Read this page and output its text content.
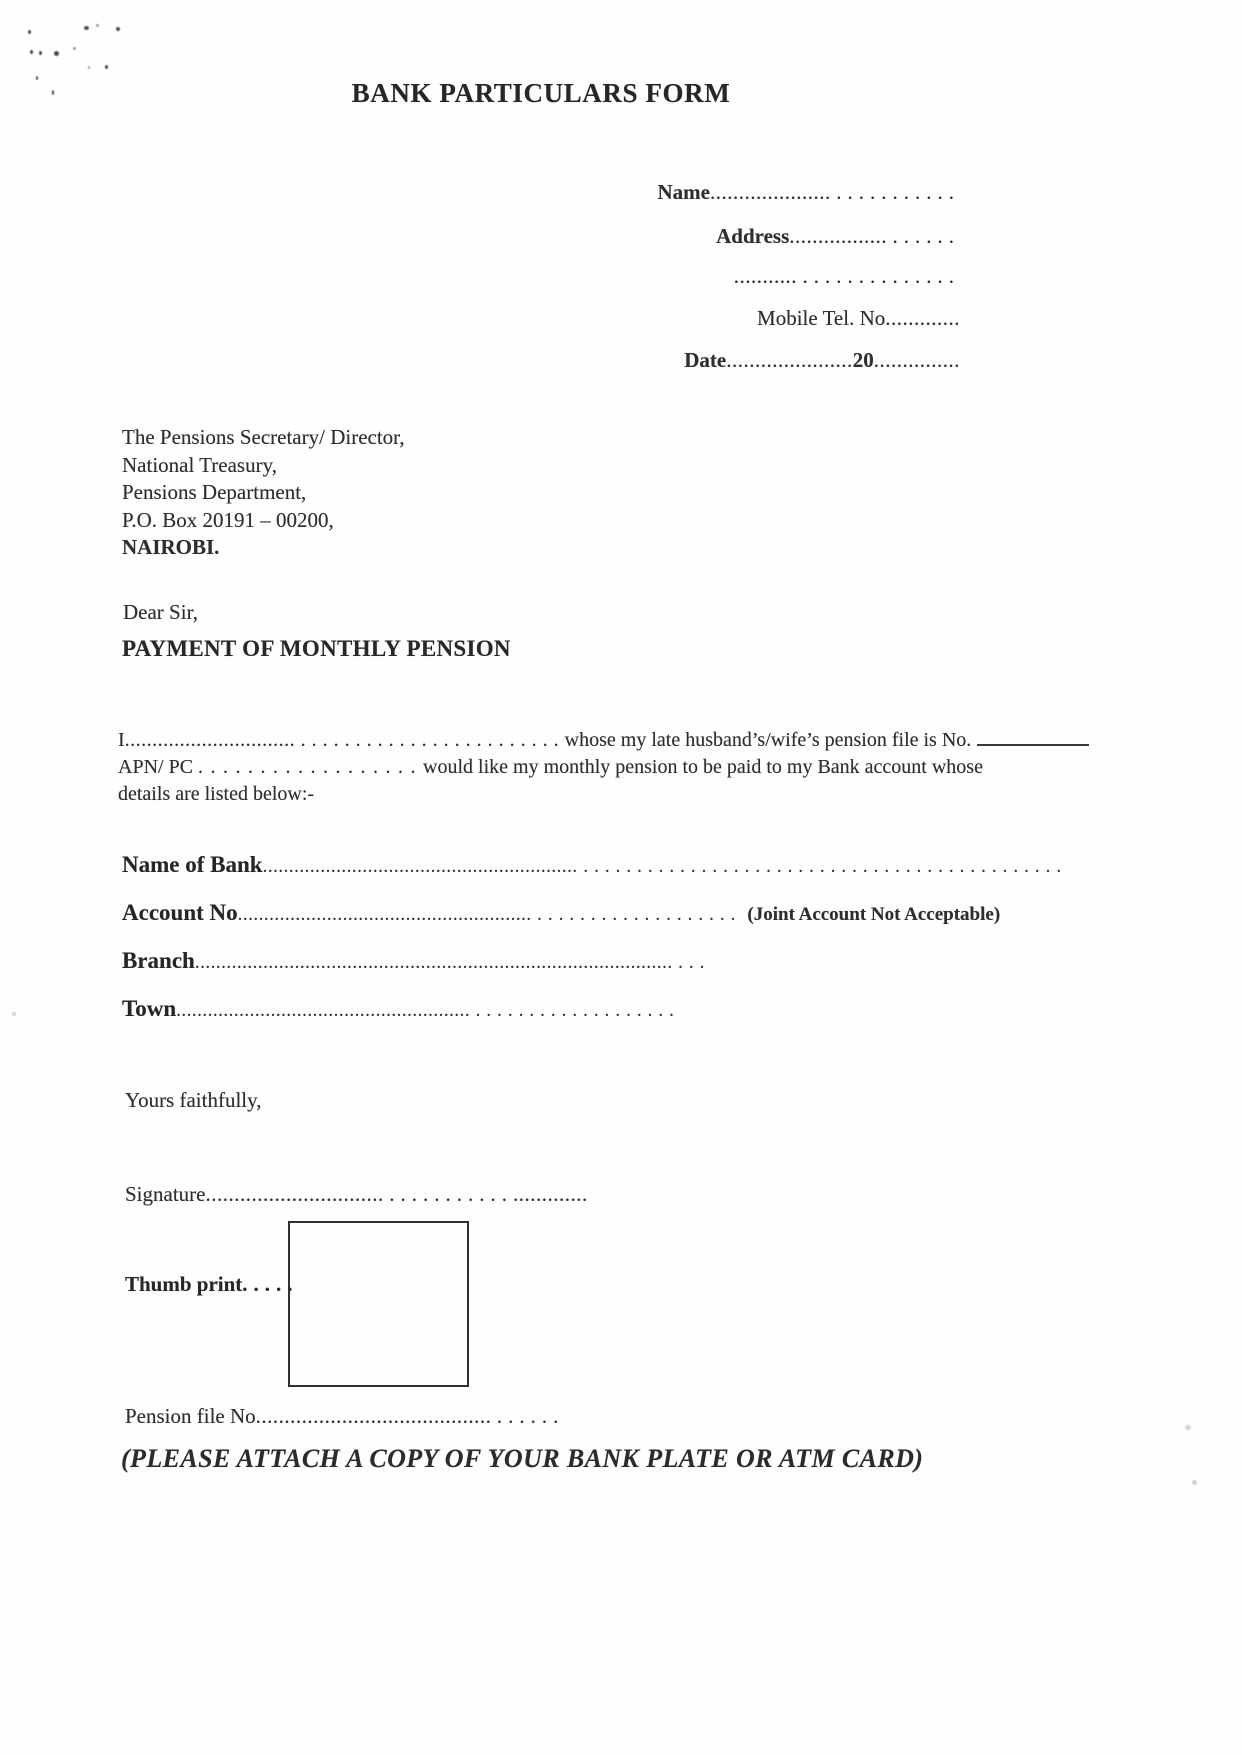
BANK PARTICULARS FORM
Name................................
Address.......................
.........................
Mobile Tel. No.............
Date......................20...............
The Pensions Secretary/ Director,
National Treasury,
Pensions Department,
P.O. Box 20191 – 00200,
NAIROBI.
Dear Sir,
PAYMENT OF MONTHLY PENSION
I.......................................................whose my late husband’s/wife’s pension file is No.
APN/ PC ..................would like my monthly pension to be paid to my Bank account whose
details are listed below:-
Name of Bank............................................................ .............................................
Account No........................................................................... (Joint Account Not Acceptable)
Branch..............................................................................................
Town...........................................................................
Yours faithfully,
Signature.......................................................
Thumb print.....
Pension file No...............................................
(PLEASE ATTACH A COPY OF YOUR BANK PLATE OR ATM CARD)
